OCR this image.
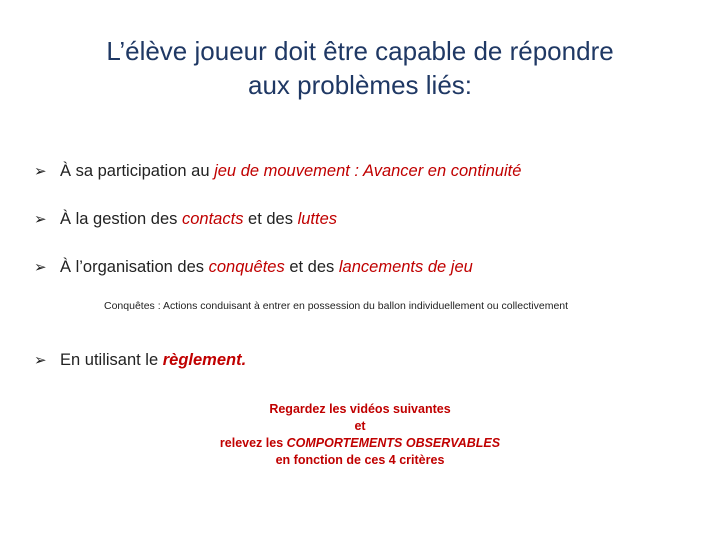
L’élève joueur doit être capable de répondre
aux problèmes liés:
➢ À sa participation au jeu de mouvement : Avancer en continuité
➢ À la gestion des contacts et des luttes
➢ À l’organisation des conquêtes et des lancements de jeu
Conquêtes : Actions conduisant à entrer en possession du ballon individuellement ou collectivement
➢ En utilisant le règlement.
Regardez les vidéos suivantes
et
relevez les COMPORTEMENTS OBSERVABLES
en fonction de ces 4 critères
